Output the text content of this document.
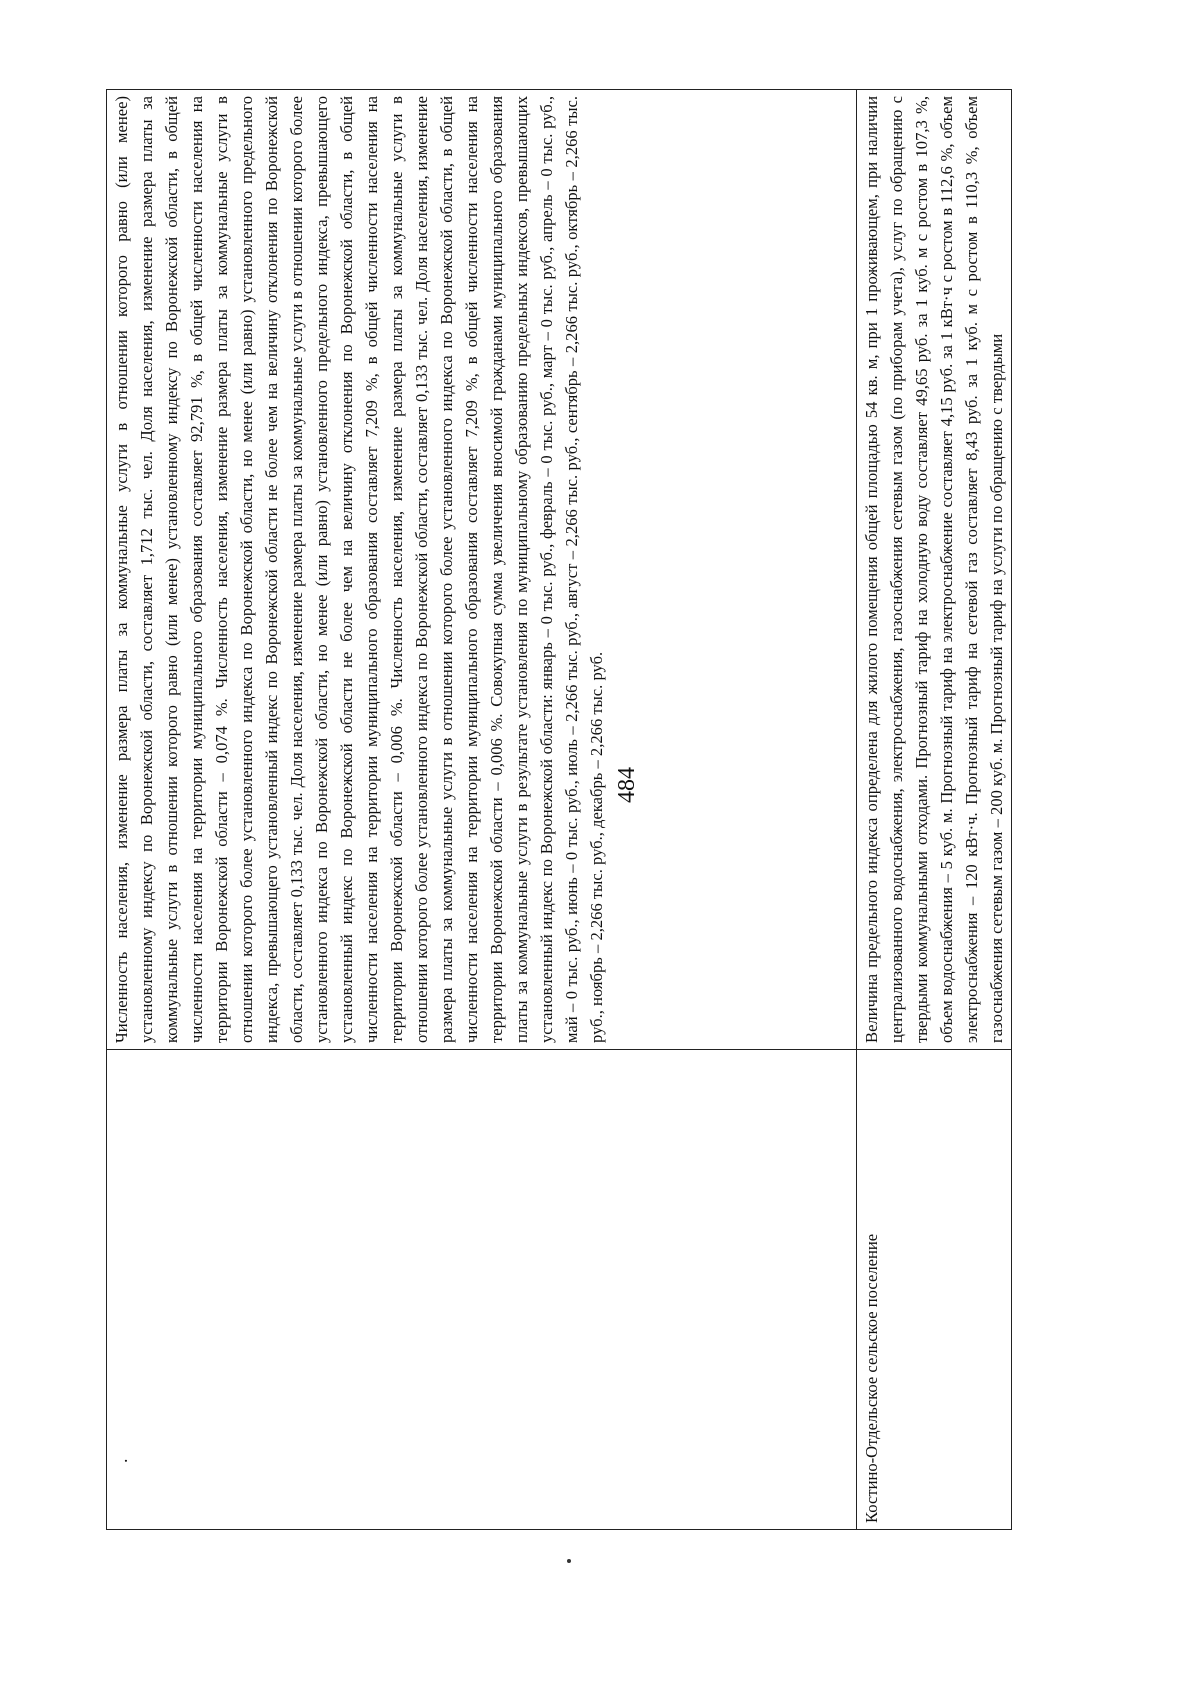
484
.	Численность населения, изменение размера платы за коммунальные услуги в отношении которого равно (или менее) установленному индексу по Воронежской области, составляет 1,712 тыс. чел. Доля населения, изменение размера платы за коммунальные услуги в отношении которого равно (или менее) установленному индексу по Воронежской области, в общей численности населения на территории муниципального образования составляет 92,791 %, в общей численности населения на территории Воронежской области – 0,074 %. Численность населения, изменение размера платы за коммунальные услуги в отношении которого более установленного индекса по Воронежской области, но менее (или равно) установленного предельного индекса, превышающего установленный индекс по Воронежской области не более чем на величину отклонения по Воронежской области, составляет 0,133 тыс. чел. Доля населения, изменение размера платы за коммунальные услуги в отношении которого более установленного индекса по Воронежской области, но менее (или равно) установленного предельного индекса, превышающего установленный индекс по Воронежской области не более чем на величину отклонения по Воронежской области, в общей численности населения на территории муниципального образования составляет 7,209 %, в общей численности населения на территории Воронежской области – 0,006 %. Численность населения, изменение размера платы за коммунальные услуги в отношении которого более установленного индекса по Воронежской области, составляет 0,133 тыс. чел. Доля населения, изменение размера платы за коммунальные услуги в отношении которого более установленного индекса по Воронежской области, в общей численности населения на территории муниципального образования составляет 7,209 %, в общей численности населения на территории Воронежской области – 0,006 %. Совокупная сумма увеличения вносимой гражданами муниципального образования платы за коммунальные услуги в результате установления по муниципальному образованию предельных индексов, превышающих установленный индекс по Воронежской области: январь – 0 тыс. руб., февраль – 0 тыс. руб., март – 0 тыс. руб., апрель – 0 тыс. руб., май – 0 тыс. руб., июнь – 0 тыс. руб., июль – 2,266 тыс. руб., август – 2,266 тыс. руб., сентябрь – 2,266 тыс. руб., октябрь – 2,266 тыс. руб., ноябрь – 2,266 тыс. руб., декабрь – 2,266 тыс. руб.

Костино-Отдельское сельское поселение	Величина предельного индекса определена для жилого помещения общей площадью 54 кв. м, при 1 проживающем, при наличии централизованного водоснабжения, электроснабжения, газоснабжения сетевым газом (по приборам учета), услуг по обращению с твердыми коммунальными отходами. Прогнозный тариф на холодную воду составляет 49,65 руб. за 1 куб. м с ростом в 107,3 %, объем водоснабжения – 5 куб. м. Прогнозный тариф на электроснабжение составляет 4,15 руб. за 1 кВт·ч с ростом в 112,6 %, объем электроснабжения – 120 кВт·ч. Прогнозный тариф на сетевой газ составляет 8,43 руб. за 1 куб. м с ростом в 110,3 %, объем газоснабжения сетевым газом – 200 куб. м. Прогнозный тариф на услуги по обращению с твердыми
